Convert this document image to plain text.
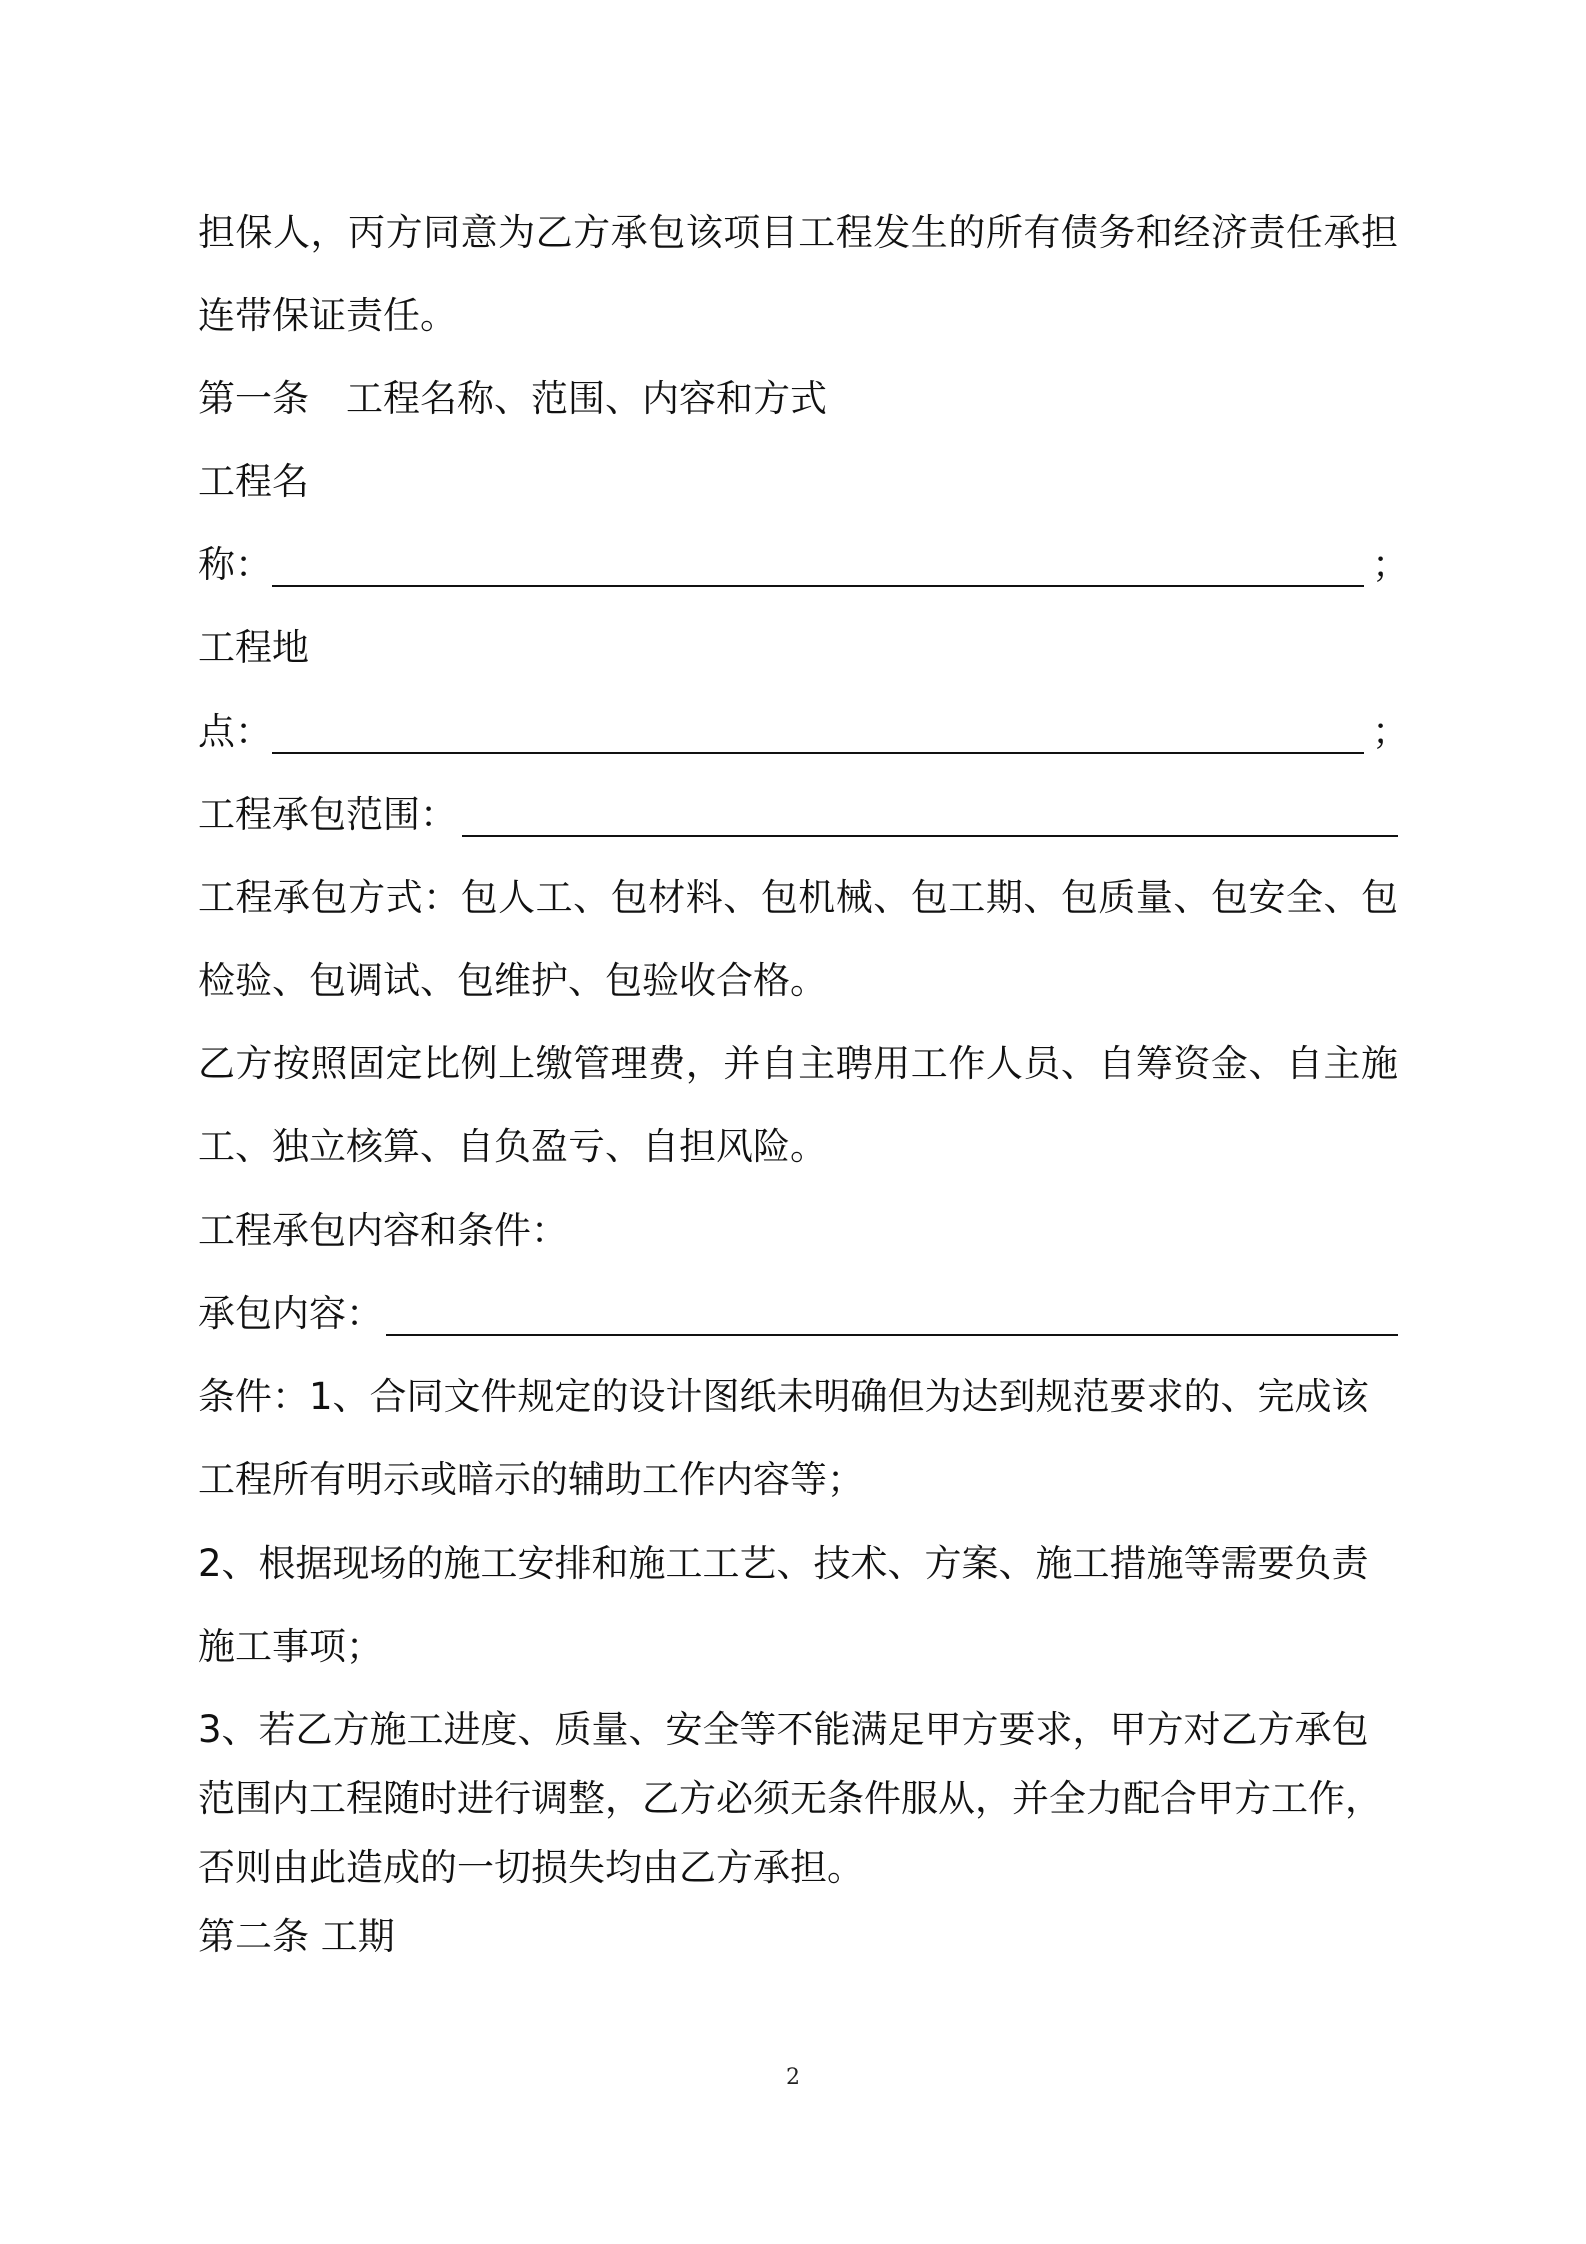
担保人，丙方同意为乙方承包该项目工程发生的所有债务和经济责任承担
连带保证责任。
第一条　工程名称、范围、内容和方式
工程名
称：	；
工程地
点：	；
工程承包范围：
工程承包方式：包人工、包材料、包机械、包工期、包质量、包安全、包
检验、包调试、包维护、包验收合格。
乙方按照固定比例上缴管理费，并自主聘用工作人员、自筹资金、自主施
工、独立核算、自负盈亏、自担风险。
工程承包内容和条件：
承包内容：
条件：1、合同文件规定的设计图纸未明确但为达到规范要求的、完成该
工程所有明示或暗示的辅助工作内容等；
2、根据现场的施工安排和施工工艺、技术、方案、施工措施等需要负责
施工事项；
3、若乙方施工进度、质量、安全等不能满足甲方要求，甲方对乙方承包
范围内工程随时进行调整，乙方必须无条件服从，并全力配合甲方工作，
否则由此造成的一切损失均由乙方承担。
第二条 工期
2
